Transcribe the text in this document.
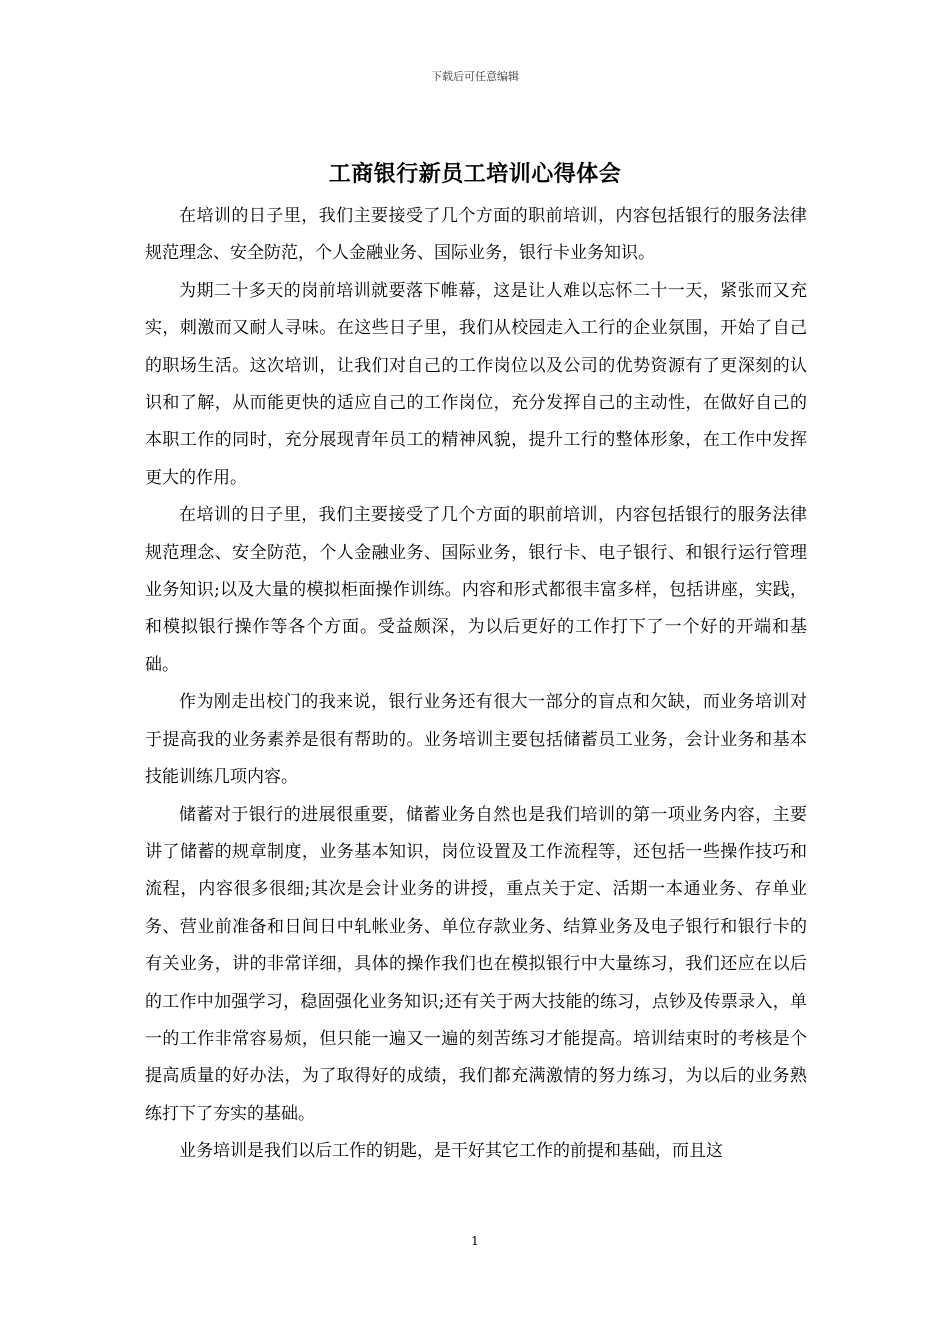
下载后可任意编辑
工商银行新员工培训心得体会

在培训的日子里，我们主要接受了几个方面的职前培训，内容包括银行的服务法律规范理念、安全防范，个人金融业务、国际业务，银行卡业务知识。

为期二十多天的岗前培训就要落下帷幕，这是让人难以忘怀二十一天，紧张而又充实，刺激而又耐人寻味。在这些日子里，我们从校园走入工行的企业氛围，开始了自己的职场生活。这次培训，让我们对自己的工作岗位以及公司的优势资源有了更深刻的认识和了解，从而能更快的适应自己的工作岗位，充分发挥自己的主动性，在做好自己的本职工作的同时，充分展现青年员工的精神风貌，提升工行的整体形象，在工作中发挥更大的作用。

在培训的日子里，我们主要接受了几个方面的职前培训，内容包括银行的服务法律规范理念、安全防范，个人金融业务、国际业务，银行卡、电子银行、和银行运行管理业务知识;以及大量的模拟柜面操作训练。内容和形式都很丰富多样，包括讲座，实践，和模拟银行操作等各个方面。受益颇深，为以后更好的工作打下了一个好的开端和基础。

作为刚走出校门的我来说，银行业务还有很大一部分的盲点和欠缺，而业务培训对于提高我的业务素养是很有帮助的。业务培训主要包括储蓄员工业务，会计业务和基本技能训练几项内容。

储蓄对于银行的进展很重要，储蓄业务自然也是我们培训的第一项业务内容，主要讲了储蓄的规章制度，业务基本知识，岗位设置及工作流程等，还包括一些操作技巧和流程，内容很多很细;其次是会计业务的讲授，重点关于定、活期一本通业务、存单业务、营业前准备和日间日中轧帐业务、单位存款业务、结算业务及电子银行和银行卡的有关业务，讲的非常详细，具体的操作我们也在模拟银行中大量练习，我们还应在以后的工作中加强学习，稳固强化业务知识;还有关于两大技能的练习，点钞及传票录入，单一的工作非常容易烦，但只能一遍又一遍的刻苦练习才能提高。培训结束时的考核是个提高质量的好办法，为了取得好的成绩，我们都充满激情的努力练习，为以后的业务熟练打下了夯实的基础。

业务培训是我们以后工作的钥匙，是干好其它工作的前提和基础，而且这

1
